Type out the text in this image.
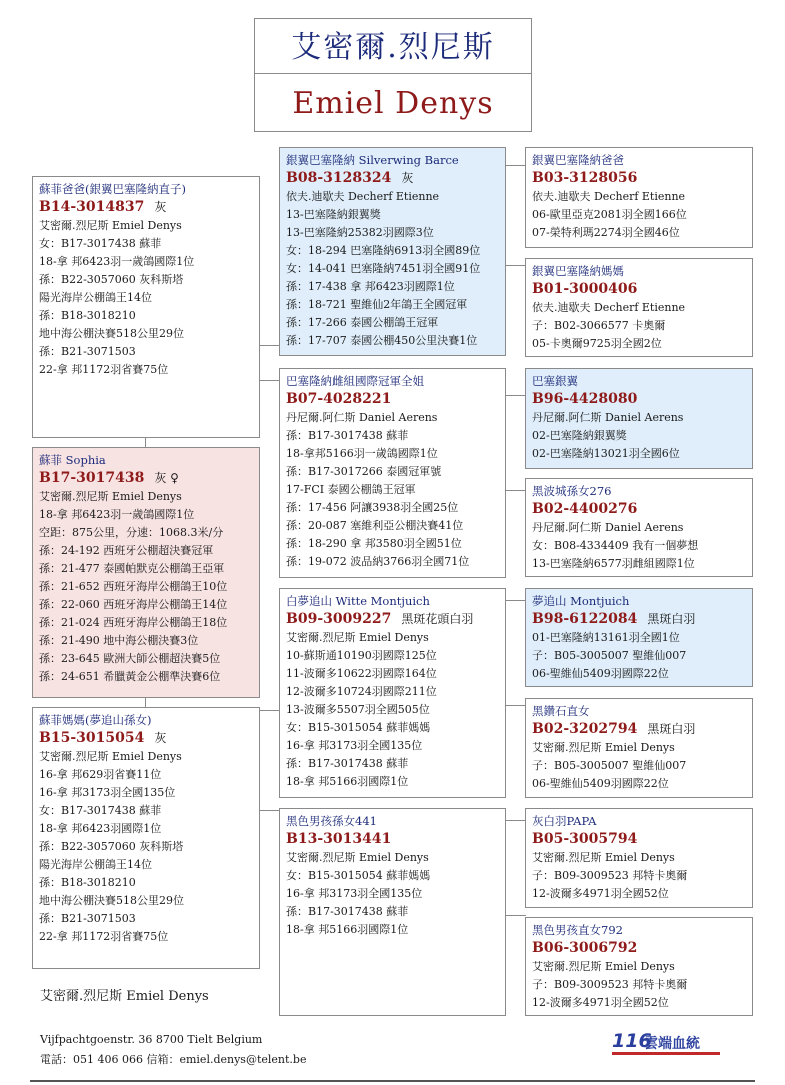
艾密爾.烈尼斯
Emiel Denys
蘇菲爸爸(銀翼巴塞隆納直子)
B14-3014837 灰
艾密爾.烈尼斯 Emiel Denys
女：B17-3017438 蘇菲
18-拿 邦6423羽一歲鴿國際1位
孫：B22-3057060 灰科斯塔
陽光海岸公棚鴿王14位
孫：B18-3018210
地中海公棚決賽518公里29位
孫：B21-3071503
22-拿 邦1172羽省賽75位
蘇菲 Sophia
B17-3017438 灰 ♀
艾密爾.烈尼斯 Emiel Denys
18-拿 邦6423羽一歲鴿國際1位
空距：875公里，分速：1068.3米/分
孫：24-192 西班牙公棚超決賽冠軍
孫：21-477 泰國帕默克公棚鴿王亞軍
孫：21-652 西班牙海岸公棚鴿王10位
孫：22-060 西班牙海岸公棚鴿王14位
孫：21-024 西班牙海岸公棚鴿王18位
孫：21-490 地中海公棚決賽3位
孫：23-645 歐洲大師公棚超決賽5位
孫：24-651 希臘黃金公棚準決賽6位
蘇菲媽媽(夢追山孫女)
B15-3015054 灰
艾密爾.烈尼斯 Emiel Denys
16-拿 邦629羽省賽11位
16-拿 邦3173羽全國135位
女：B17-3017438 蘇菲
18-拿 邦6423羽國際1位
孫：B22-3057060 灰科斯塔
陽光海岸公棚鴿王14位
孫：B18-3018210
地中海公棚決賽518公里29位
孫：B21-3071503
22-拿 邦1172羽省賽75位
銀翼巴塞隆納 Silverwing Barce
B08-3128324 灰
依夫.迪歇夫 Decherf Etienne
13-巴塞隆納銀翼獎
13-巴塞隆納25382羽國際3位
女：18-294 巴塞隆納6913羽全國89位
女：14-041 巴塞隆納7451羽全國91位
孫：17-438 拿 邦6423羽國際1位
孫：18-721 聖維仙2年鴿王全國冠軍
孫：17-266 泰國公棚鴿王冠軍
孫：17-707 泰國公棚450公里決賽1位
巴塞隆納雌組國際冠軍全姐
B07-4028221
丹尼爾.阿仁斯 Daniel Aerens
孫：B17-3017438 蘇菲
18-拿邦5166羽一歲鴿國際1位
孫：B17-3017266 泰國冠軍號
17-FCI 泰國公棚鴿王冠軍
孫：17-456 阿讓3938羽全國25位
孫：20-087 塞維利亞公棚決賽41位
孫：18-290 拿 邦3580羽全國51位
孫：19-072 波品納3766羽全國71位
白夢追山 Witte Montjuich
B09-3009227 黑斑花頭白羽
艾密爾.烈尼斯 Emiel Denys
10-蘇斯通10190羽國際125位
11-波爾多10622羽國際164位
12-波爾多10724羽國際211位
13-波爾多5507羽全國505位
女：B15-3015054 蘇菲媽媽
16-拿 邦3173羽全國135位
孫：B17-3017438 蘇菲
18-拿 邦5166羽國際1位
黑色男孩孫女441
B13-3013441
艾密爾.烈尼斯 Emiel Denys
女：B15-3015054 蘇菲媽媽
16-拿 邦3173羽全國135位
孫：B17-3017438 蘇菲
18-拿 邦5166羽國際1位
銀翼巴塞隆納爸爸
B03-3128056
依夫.迪歇夫 Decherf Etienne
06-歐里亞克2081羽全國166位
07-榮特利瑪2274羽全國46位
銀翼巴塞隆納媽媽
B01-3000406
依夫.迪歇夫 Decherf Etienne
子：B02-3066577 卡奧爾
05-卡奧爾9725羽全國2位
巴塞銀翼
B96-4428080
丹尼爾.阿仁斯 Daniel Aerens
02-巴塞隆納銀翼獎
02-巴塞隆納13021羽全國6位
黑波城孫女276
B02-4400276
丹尼爾.阿仁斯 Daniel Aerens
女：B08-4334409 我有一個夢想
13-巴塞隆納6577羽雌組國際1位
夢追山 Montjuich
B98-6122084 黑斑白羽
01-巴塞隆納13161羽全國1位
子：B05-3005007 聖維仙007
06-聖維仙5409羽國際22位
黑鑽石直女
B02-3202794 黑斑白羽
艾密爾.烈尼斯 Emiel Denys
子：B05-3005007 聖維仙007
06-聖維仙5409羽國際22位
灰白羽PAPA
B05-3005794
艾密爾.烈尼斯 Emiel Denys
子：B09-3009523 邦特卡奧爾
12-波爾多4971羽全國52位
黑色男孩直女792
B06-3006792
艾密爾.烈尼斯 Emiel Denys
子：B09-3009523 邦特卡奧爾
12-波爾多4971羽全國52位
艾密爾.烈尼斯 Emiel Denys
Vijfpachtgoenstr. 36 8700 Tielt Belgium
電話：051 406 066 信箱：emiel.denys@telent.be
116
雲端血統
